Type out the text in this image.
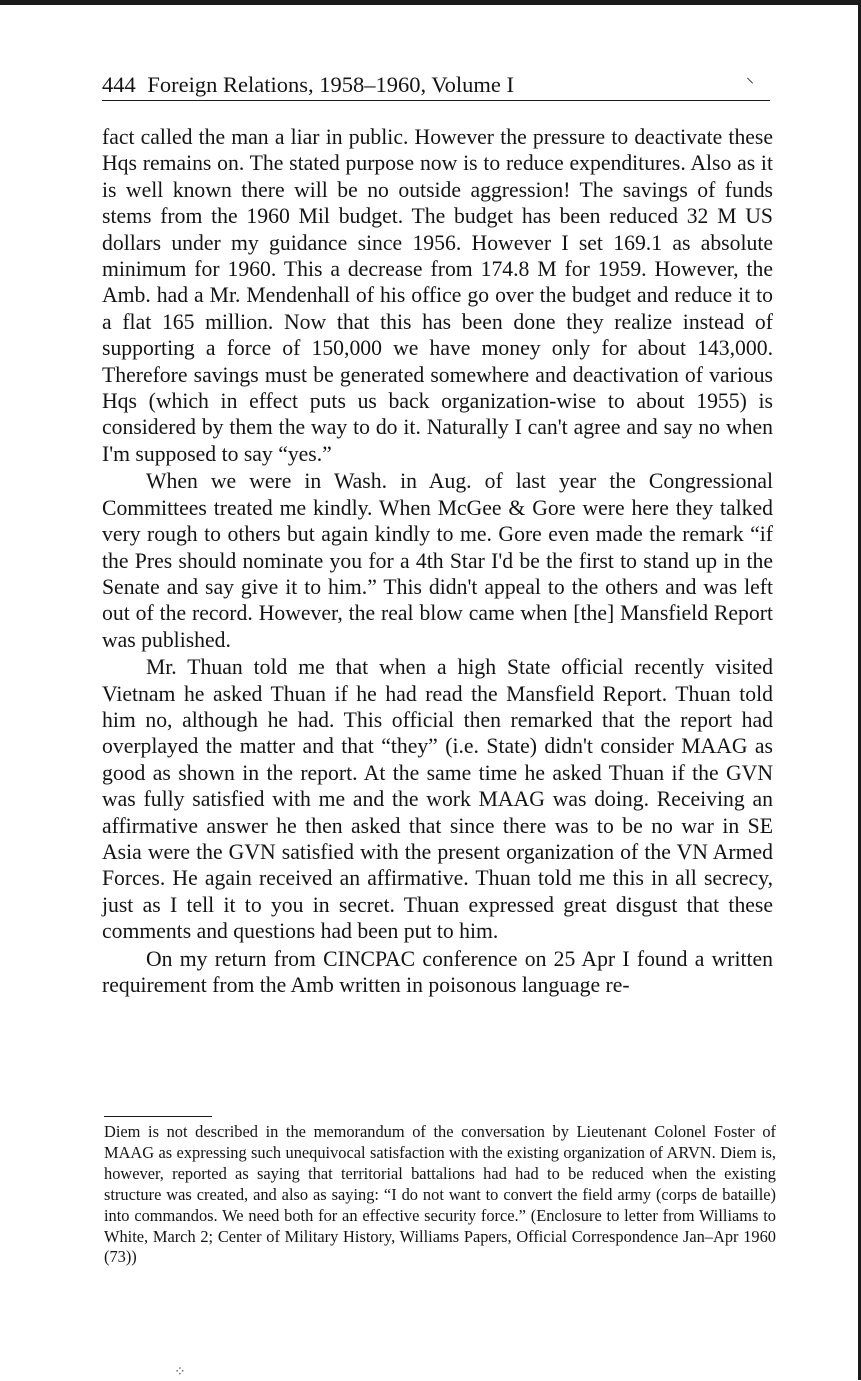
444 Foreign Relations, 1958–1960, Volume I	⸌

fact called the man a liar in public. However the pressure to deactivate these Hqs remains on. The stated purpose now is to reduce expenditures. Also as it is well known there will be no outside aggression! The savings of funds stems from the 1960 Mil budget. The budget has been reduced 32 M US dollars under my guidance since 1956. However I set 169.1 as absolute minimum for 1960. This a decrease from 174.8 M for 1959. However, the Amb. had a Mr. Mendenhall of his office go over the budget and reduce it to a flat 165 million. Now that this has been done they realize instead of supporting a force of 150,000 we have money only for about 143,000. Therefore savings must be generated somewhere and deactivation of various Hqs (which in effect puts us back organization-wise to about 1955) is considered by them the way to do it. Naturally I can't agree and say no when I'm supposed to say “yes.”

When we were in Wash. in Aug. of last year the Congressional Committees treated me kindly. When McGee & Gore were here they talked very rough to others but again kindly to me. Gore even made the remark “if the Pres should nominate you for a 4th Star I'd be the first to stand up in the Senate and say give it to him.” This didn't appeal to the others and was left out of the record. However, the real blow came when [the] Mansfield Report was published.

Mr. Thuan told me that when a high State official recently visited Vietnam he asked Thuan if he had read the Mansfield Report. Thuan told him no, although he had. This official then remarked that the report had overplayed the matter and that “they” (i.e. State) didn't consider MAAG as good as shown in the report. At the same time he asked Thuan if the GVN was fully satisfied with me and the work MAAG was doing. Receiving an affirmative answer he then asked that since there was to be no war in SE Asia were the GVN satisfied with the present organization of the VN Armed Forces. He again received an affirmative. Thuan told me this in all secrecy, just as I tell it to you in secret. Thuan expressed great disgust that these comments and questions had been put to him.

On my return from CINCPAC conference on 25 Apr I found a written requirement from the Amb written in poisonous language re-

Diem is not described in the memorandum of the conversation by Lieutenant Colonel Foster of MAAG as expressing such unequivocal satisfaction with the existing organization of ARVN. Diem is, however, reported as saying that territorial battalions had had to be reduced when the existing structure was created, and also as saying: “I do not want to convert the field army (corps de bataille) into commandos. We need both for an effective security force.” (Enclosure to letter from Williams to White, March 2; Center of Military History, Williams Papers, Official Correspondence Jan–Apr 1960 (73))

⁘
